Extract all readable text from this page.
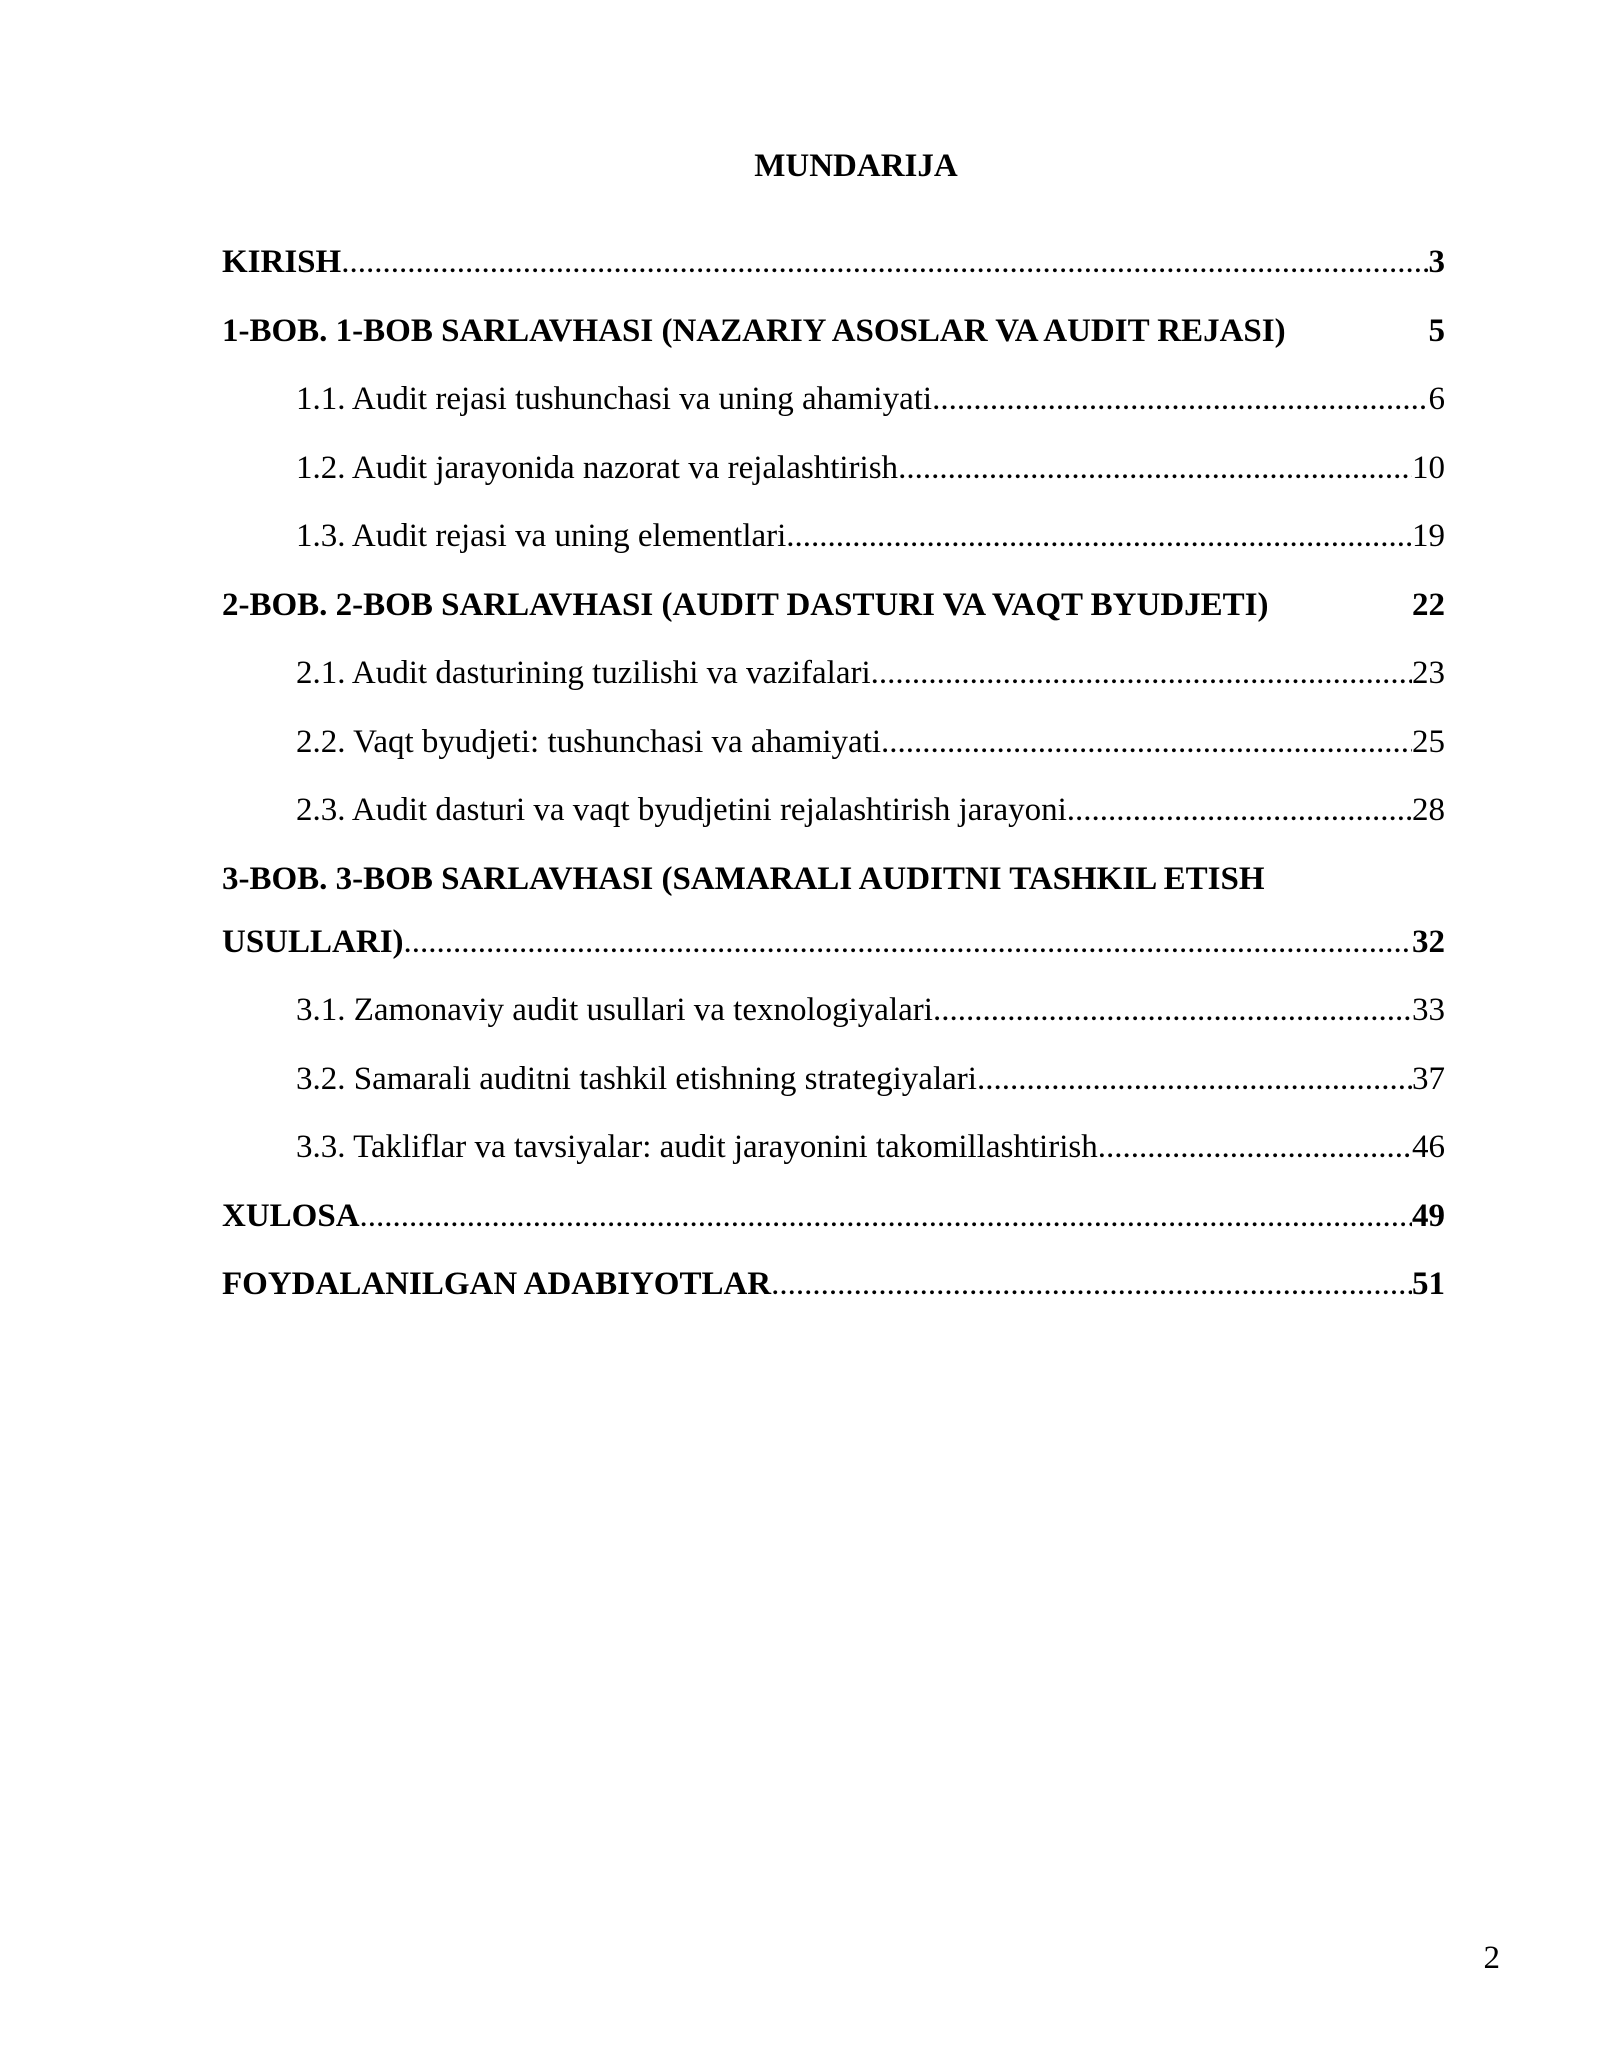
MUNDARIJA
KIRISH .....	3
1-BOB. 1-BOB SARLAVHASI (NAZARIY ASOSLAR VA AUDIT REJASI)	5
1.1. Audit rejasi tushunchasi va uning ahamiyati .....	6
1.2. Audit jarayonida nazorat va rejalashtirish .....	10
1.3. Audit rejasi va uning elementlari .....	19
2-BOB. 2-BOB SARLAVHASI (AUDIT DASTURI VA VAQT BYUDJETI)	22
2.1. Audit dasturining tuzilishi va vazifalari .....	23
2.2. Vaqt byudjeti: tushunchasi va ahamiyati .....	25
2.3. Audit dasturi va vaqt byudjetini rejalashtirish jarayoni .....	28
3-BOB. 3-BOB SARLAVHASI (SAMARALI AUDITNI TASHKIL ETISH
USULLARI) .....	32
3.1. Zamonaviy audit usullari va texnologiyalari .....	33
3.2. Samarali auditni tashkil etishning strategiyalari .....	37
3.3. Takliflar va tavsiyalar: audit jarayonini takomillashtirish .....	46
XULOSA .....	49
FOYDALANILGAN ADABIYOTLAR .....	51
2
